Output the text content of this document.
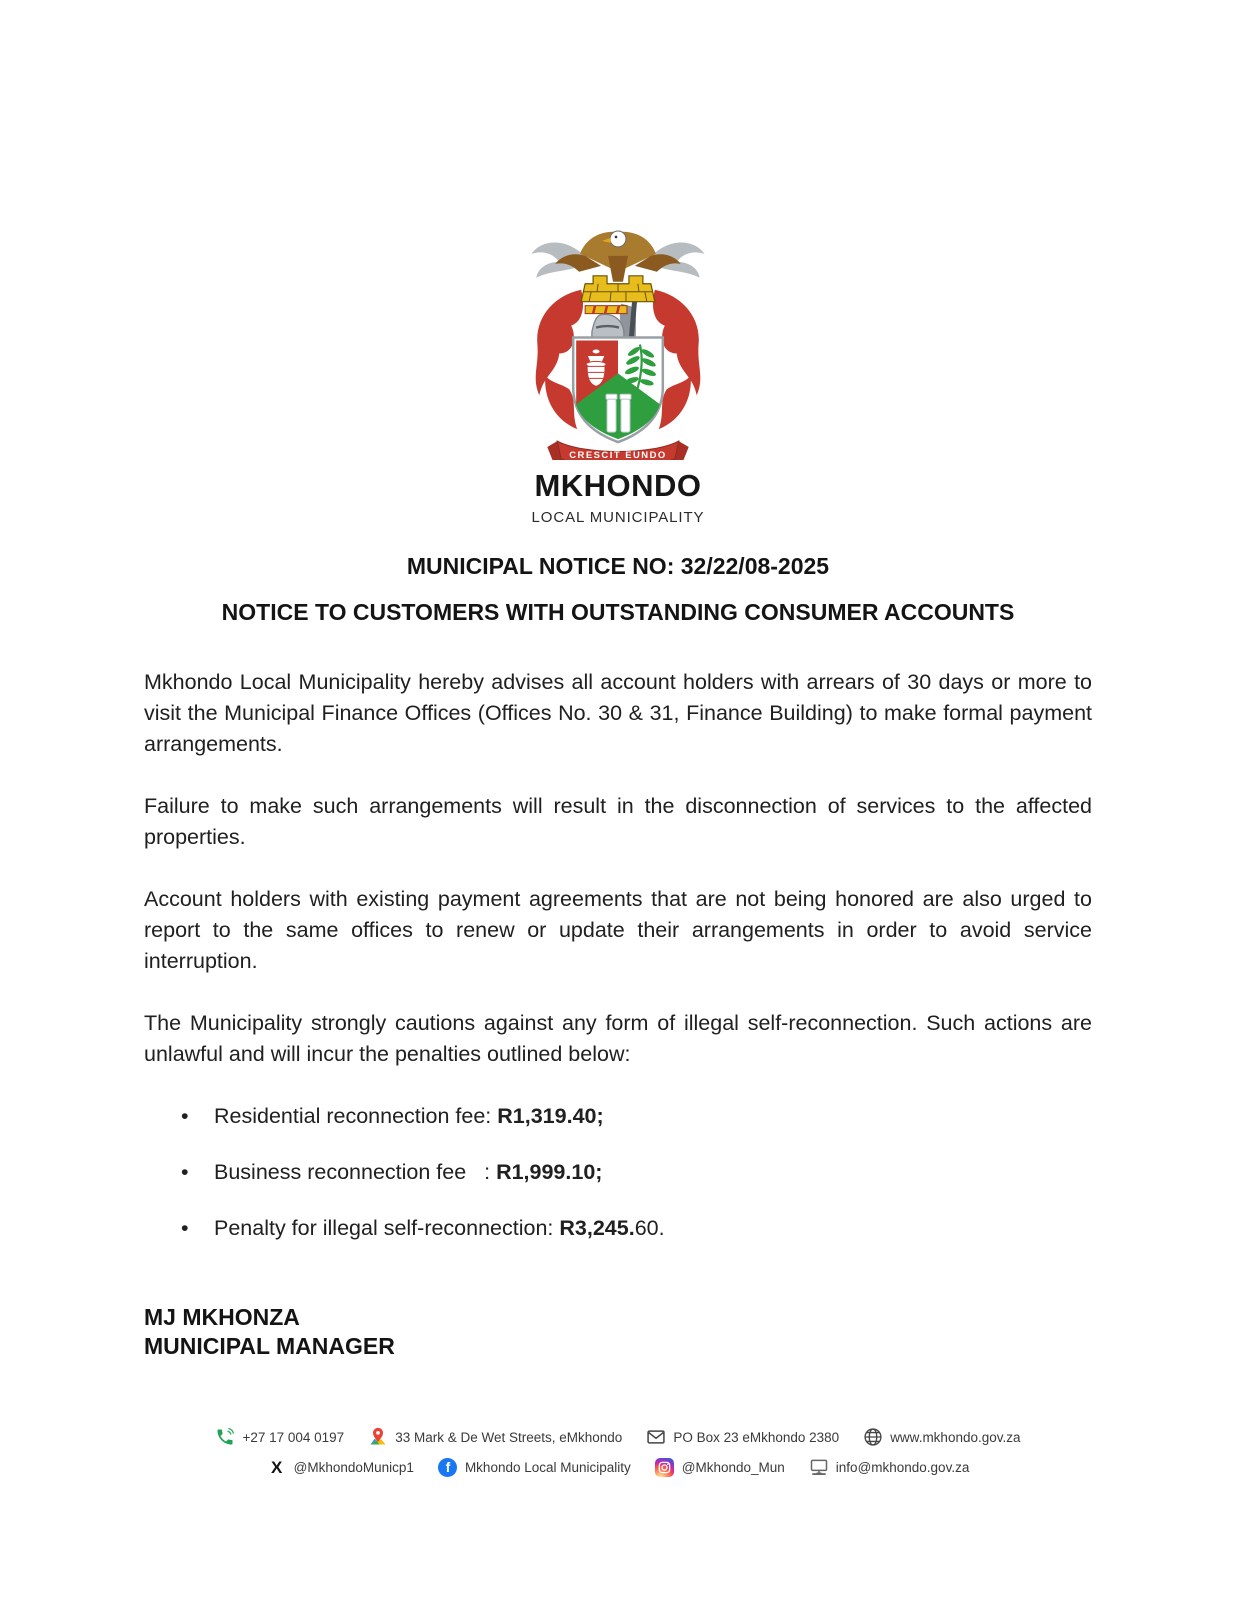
CRESCIT EUNDO
MKHONDO
LOCAL MUNICIPALITY
MUNICIPAL NOTICE NO: 32/22/08-2025
NOTICE TO CUSTOMERS WITH OUTSTANDING CONSUMER ACCOUNTS

Mkhondo Local Municipality hereby advises all account holders with arrears of 30 days or more to visit the Municipal Finance Offices (Offices No. 30 & 31, Finance Building) to make formal payment arrangements.

Failure to make such arrangements will result in the disconnection of services to the affected properties.

Account holders with existing payment agreements that are not being honored are also urged to report to the same offices to renew or update their arrangements in order to avoid service interruption.

The Municipality strongly cautions against any form of illegal self-reconnection. Such actions are unlawful and will incur the penalties outlined below:

•
Residential reconnection fee: R1,319.40;
•
Business reconnection fee   : R1,999.10;
•
Penalty for illegal self-reconnection: R3,245.60.
MJ MKHONZA
MUNICIPAL MANAGER
+27 17 004 0197	33 Mark & De Wet Streets, eMkhondo	PO Box 23 eMkhondo 2380	www.mkhondo.gov.za
X @MkhondoMunicp1	f	Mkhondo Local Municipality	@Mkhondo_Mun	info@mkhondo.gov.za
